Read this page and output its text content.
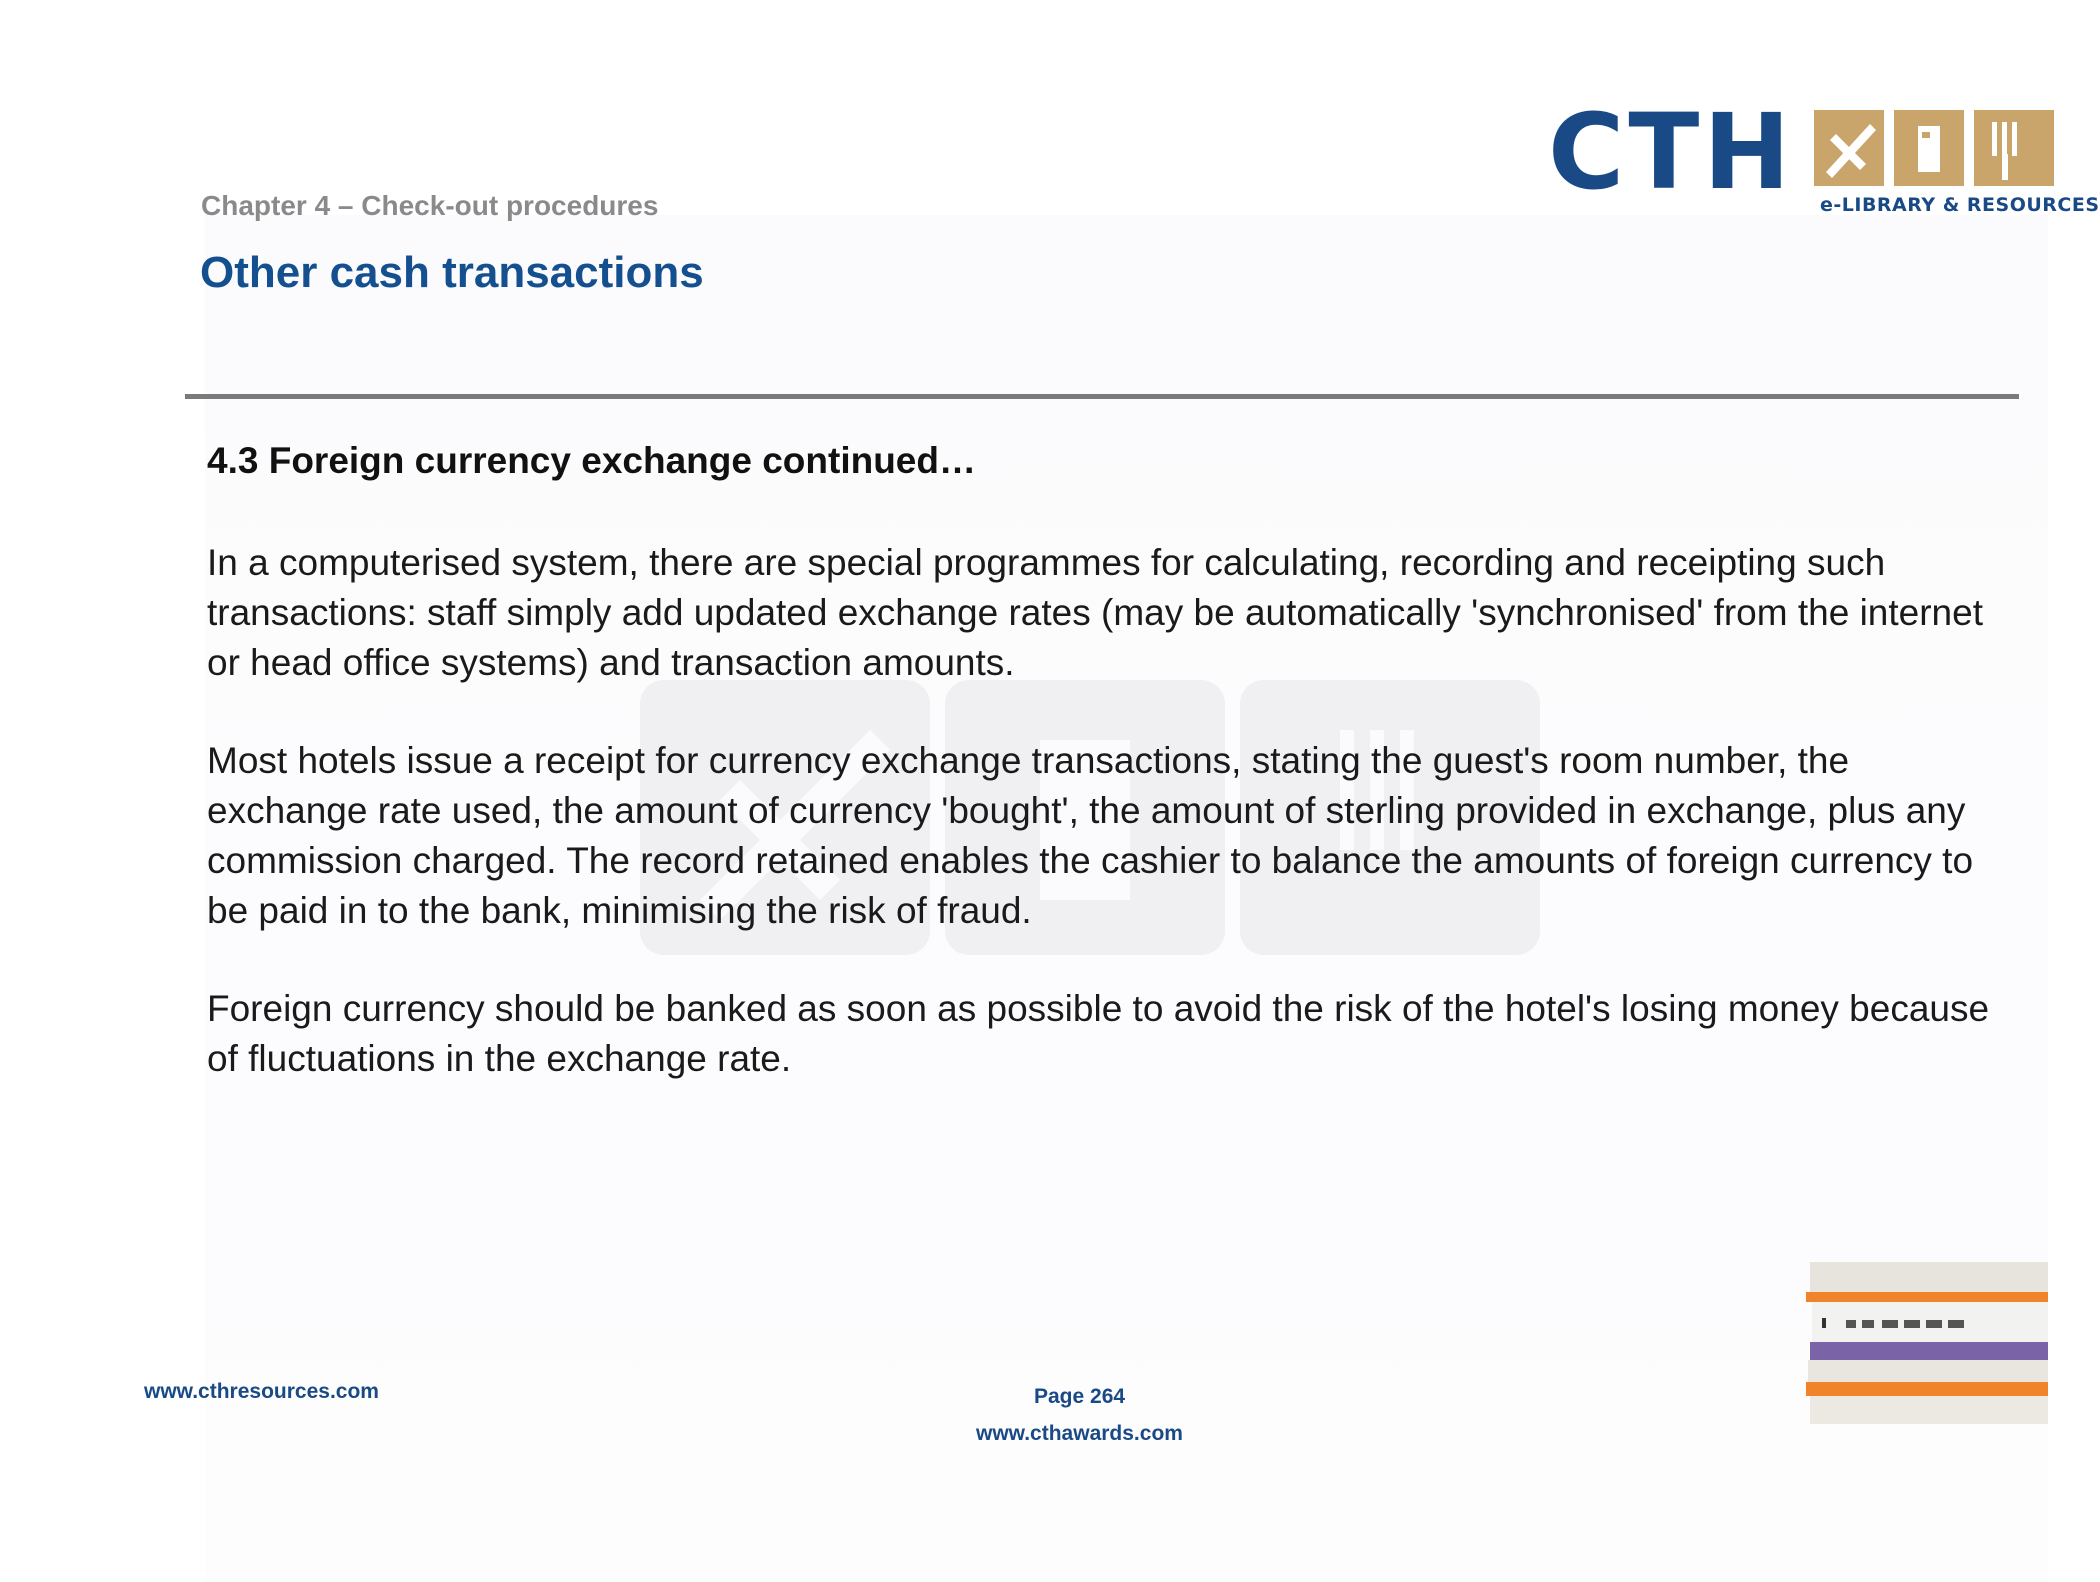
CTH e-LIBRARY & RESOURCES
Chapter 4 – Check-out procedures
Other cash transactions
4.3 Foreign currency exchange continued…
In a computerised system, there are special programmes for calculating, recording and receipting such transactions: staff simply add updated exchange rates (may be automatically 'synchronised' from the internet or head office systems) and transaction amounts.
Most hotels issue a receipt for currency exchange transactions, stating the guest's room number, the exchange rate used, the amount of currency 'bought', the amount of sterling provided in exchange, plus any commission charged. The record retained enables the cashier to balance the amounts of foreign currency to be paid in to the bank, minimising the risk of fraud.
Foreign currency should be banked as soon as possible to avoid the risk of the hotel's losing money because of fluctuations in the exchange rate.
www.cthresources.com	Page 264
www.cthawards.com
